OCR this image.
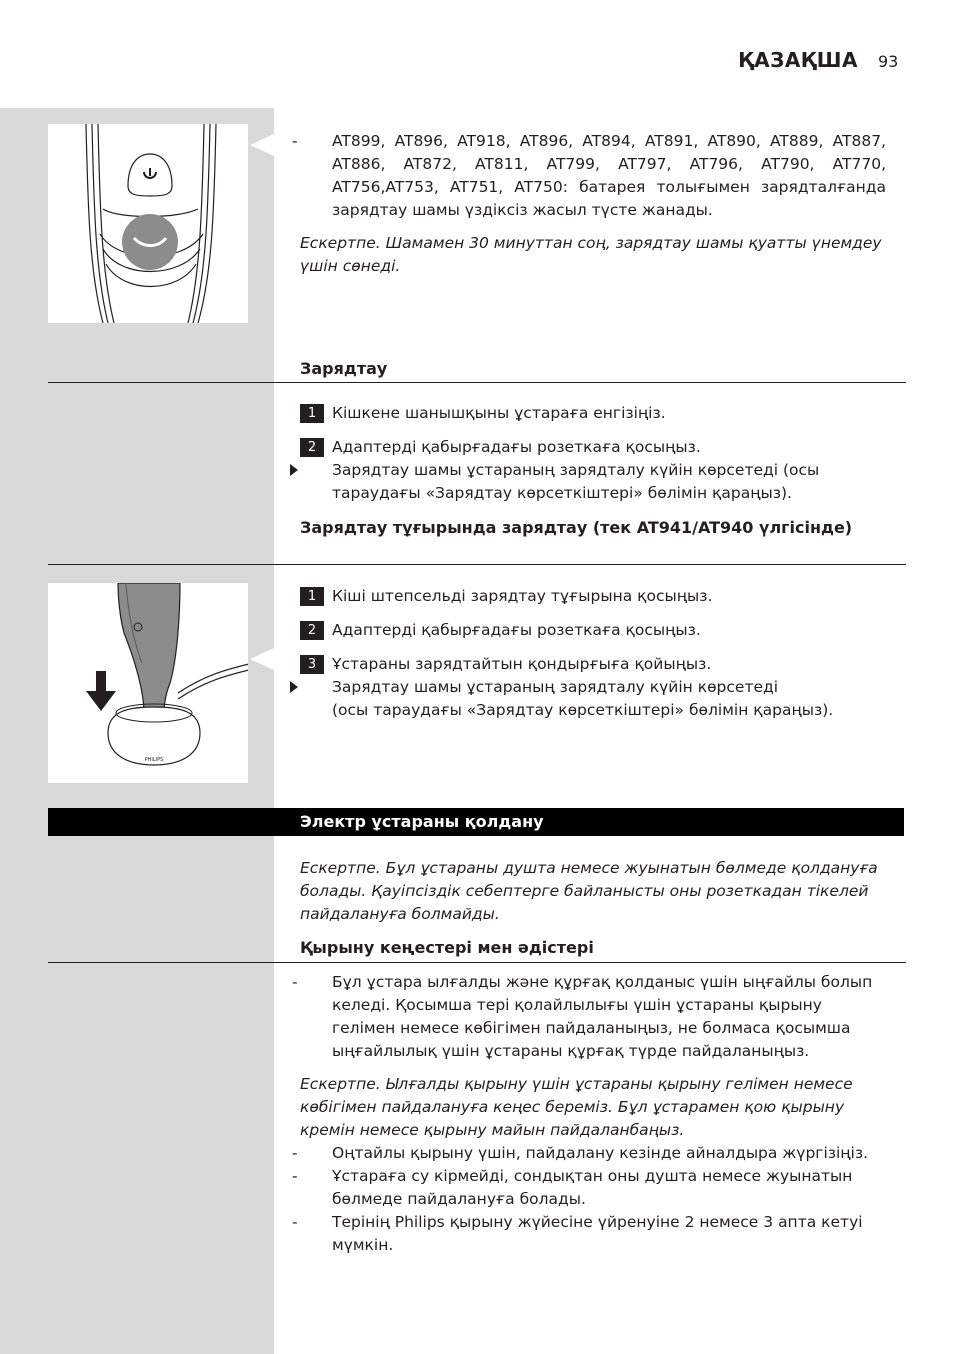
ҚАЗАҚША 93
- AT899, AT896, AT918, AT896, AT894, AT891, AT890, AT889, AT887, AT886, AT872, AT811, AT799, AT797, AT796, AT790, AT770, AT756,AT753, AT751, AT750: батарея толығымен зарядталғанда зарядтау шамы үздіксіз жасыл түсте жанады.
Ескертпе. Шамамен 30 минуттан соң, зарядтау шамы қуатты үнемдеу үшін сөнеді.
Зарядтау
1	Кішкене шанышқыны ұстараға енгізіңіз.
2	Адаптерді қабырғадағы розеткаға қосыңыз.
Зарядтау шамы ұстараның зарядталу күйін көрсетеді (осы тараудағы «Зарядтау көрсеткіштері» бөлімін қараңыз).
Зарядтау тұғырында зарядтау (тек AT941/AT940 үлгісінде)
PHILIPS
1	Кіші штепсельді зарядтау тұғырына қосыңыз.
2	Адаптерді қабырғадағы розеткаға қосыңыз.
3	Ұстараны зарядтайтын қондырғыға қойыңыз.
Зарядтау шамы ұстараның зарядталу күйін көрсетеді
(осы тараудағы «Зарядтау көрсеткіштері» бөлімін қараңыз).
Электр ұстараны қолдану
Ескертпе. Бұл ұстараны душта немесе жуынатын бөлмеде қолдануға болады. Қауіпсіздік себептерге байланысты оны розеткадан тікелей пайдалануға болмайды.
Қырыну кеңестері мен әдістері
- Бұл ұстара ылғалды және құрғақ қолданыс үшін ыңғайлы болып келеді. Қосымша тері қолайлылығы үшін ұстараны қырыну гелімен немесе көбігімен пайдаланыңыз, не болмаса қосымша ыңғайлылық үшін ұстараны құрғақ түрде пайдаланыңыз.
Ескертпе. Ылғалды қырыну үшін ұстараны қырыну гелімен немесе көбігімен пайдалануға кеңес береміз. Бұл ұстарамен қою қырыну кремін немесе қырыну майын пайдаланбаңыз.
- Оңтайлы қырыну үшін, пайдалану кезінде айналдыра жүргізіңіз.
- Ұстараға су кірмейді, сондықтан оны душта немесе жуынатын бөлмеде пайдалануға болады.
- Терінің Philips қырыну жүйесіне үйренуіне 2 немесе 3 апта кетуі мүмкін.
